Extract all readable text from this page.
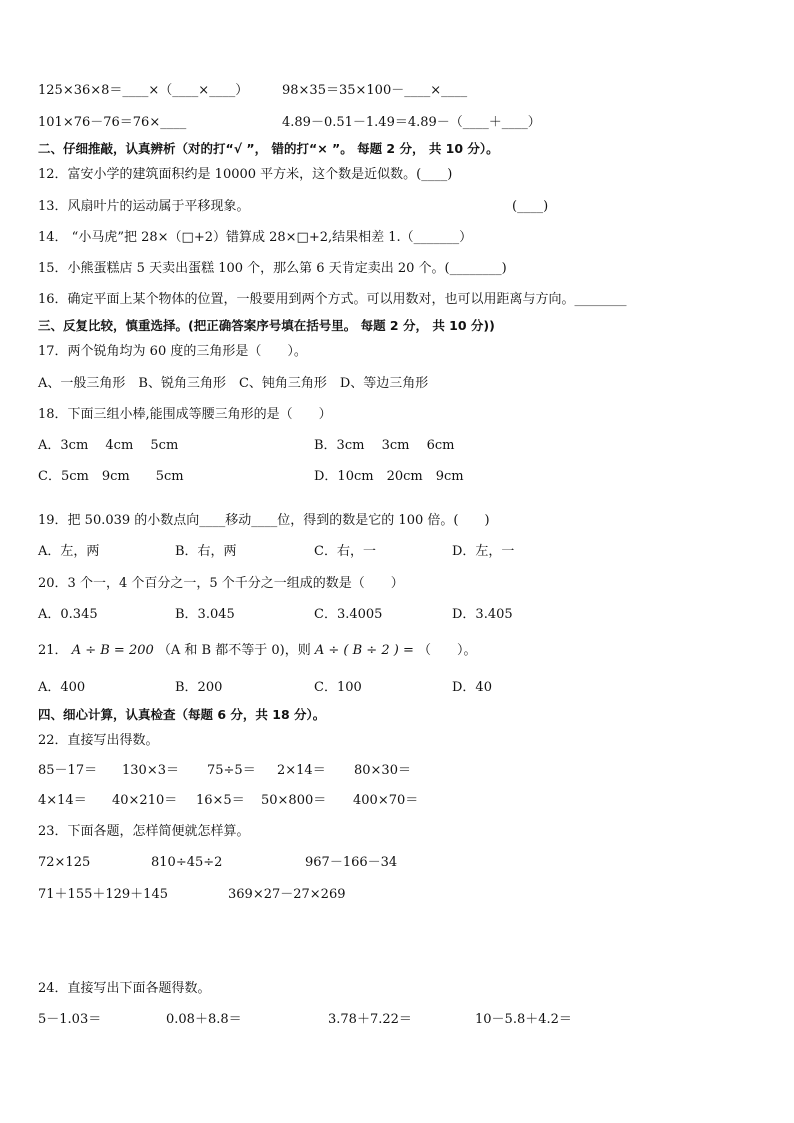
125×36×8＝____×（____×____）	98×35＝35×100－____×____
101×76－76＝76×____	4.89－0.51－1.49＝4.89－（____＋____）
二、仔细推敲，认真辨析（对的打“√ ”， 错的打“× ”。 每题 2 分， 共 10 分）。
12．富安小学的建筑面积约是 10000 平方米，这个数是近似数。(____)
13．风扇叶片的运动属于平移现象。	(____)
14． “小马虎”把 28×（□+2）错算成 28×□+2,结果相差 1.（_______）
15．小熊蛋糕店 5 天卖出蛋糕 100 个，那么第 6 天肯定卖出 20 个。(________)
16．确定平面上某个物体的位置，一般要用到两个方式。可以用数对，也可以用距离与方向。________
三、反复比较，慎重选择。(把正确答案序号填在括号里。 每题 2 分， 共 10 分))
17．两个锐角均为 60 度的三角形是（　　）。
A、一般三角形　B、锐角三角形　C、钝角三角形　D、等边三角形
18．下面三组小棒,能围成等腰三角形的是（　　）
A．3cm　 4cm　 5cm	B．3cm　 3cm　 6cm
C．5cm　9cm　　5cm	D．10cm　20cm　9cm
19．把 50.039 的小数点向____移动____位，得到的数是它的 100 倍。(　　)
A．左，两	B．右，两	C．右，一	D．左，一
20．3 个一，4 个百分之一，5 个千分之一组成的数是（　　）
A．0.345	B．3.045	C．3.4005	D．3.405
21． A ÷ B = 200 （A 和 B 都不等于 0)，则 A ÷ ( B ÷ 2 ) = （　　）。
A．400	B．200	C．100	D．40
四、细心计算，认真检查（每题 6 分，共 18 分）。
22．直接写出得数。
85－17＝ 130×3＝ 75÷5＝ 2×14＝ 80×30＝
4×14＝ 40×210＝ 16×5＝ 50×800＝ 400×70＝
23．下面各题，怎样简便就怎样算。
72×125	810÷45÷2	967－166－34
71＋155＋129＋145	369×27－27×269
24．直接写出下面各题得数。
5－1.03＝	0.08＋8.8＝	3.78＋7.22＝	10－5.8＋4.2＝
